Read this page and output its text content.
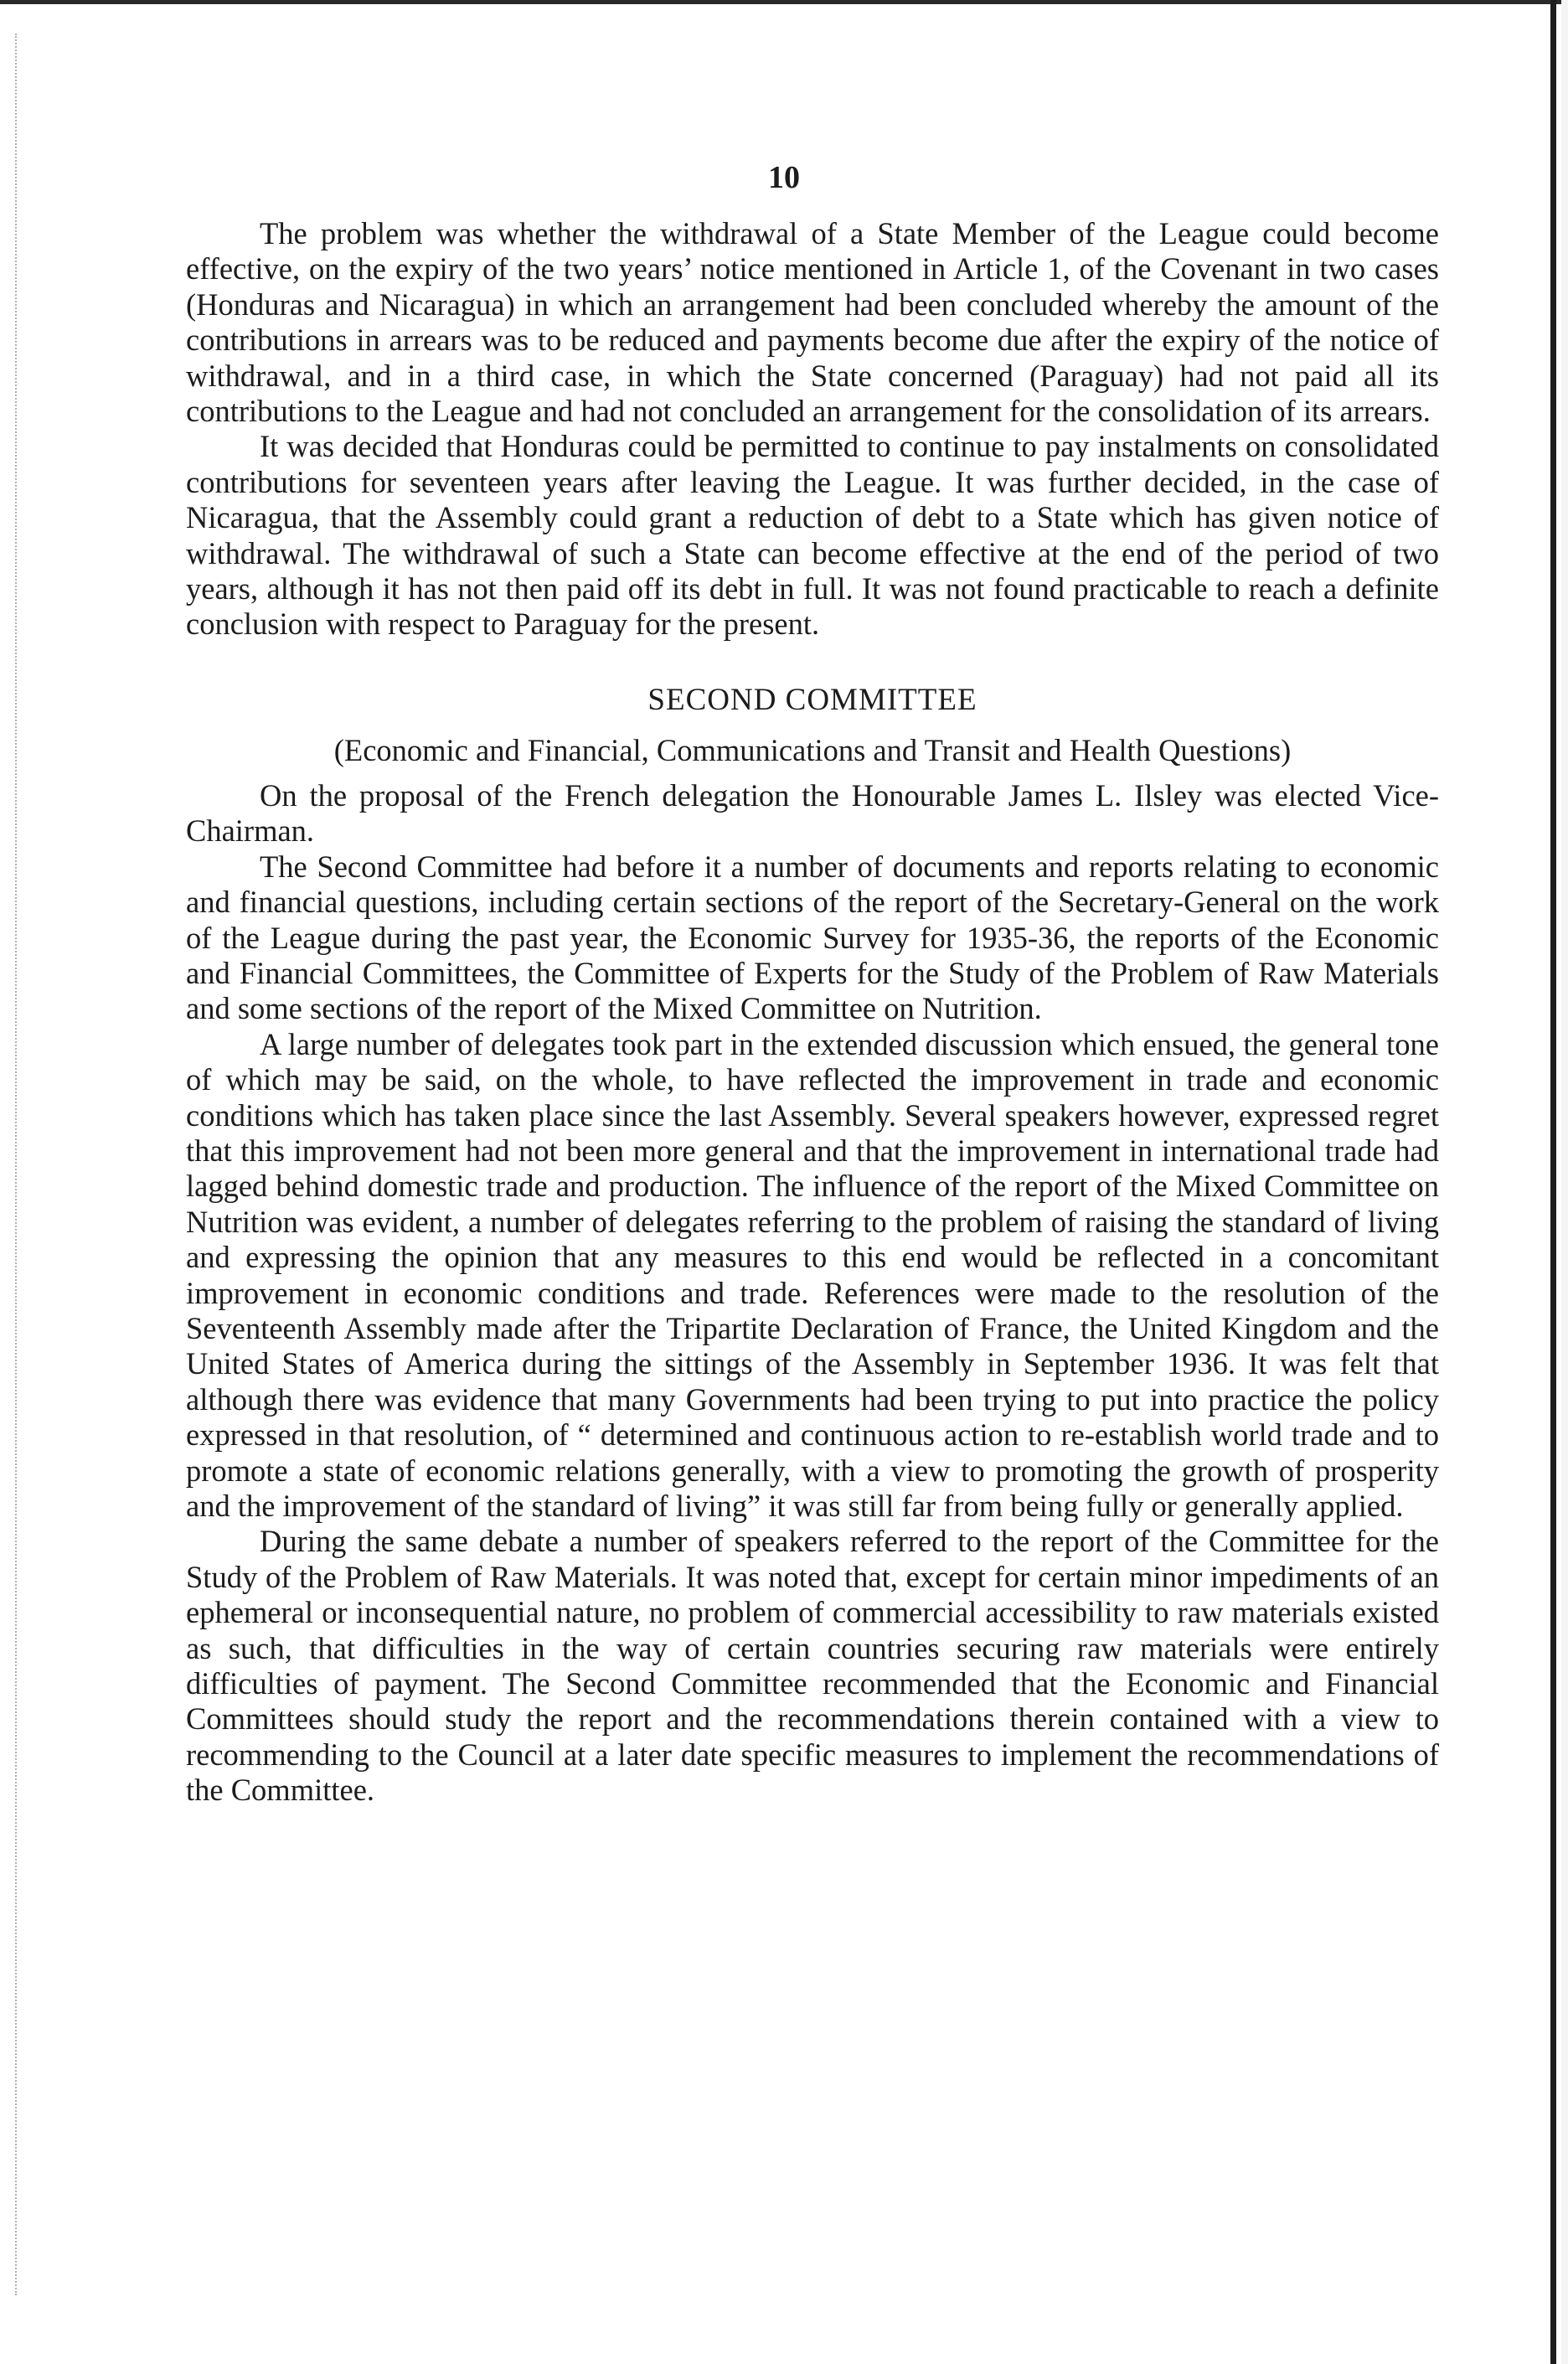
10

The problem was whether the withdrawal of a State Member of the League could become effective, on the expiry of the two years’ notice mentioned in Article 1, of the Covenant in two cases (Honduras and Nicaragua) in which an arrangement had been concluded whereby the amount of the contributions in arrears was to be reduced and payments become due after the expiry of the notice of withdrawal, and in a third case, in which the State concerned (Paraguay) had not paid all its contributions to the League and had not concluded an arrangement for the consolidation of its arrears.

It was decided that Honduras could be permitted to continue to pay instalments on consolidated contributions for seventeen years after leaving the League. It was further decided, in the case of Nicaragua, that the Assembly could grant a reduction of debt to a State which has given notice of withdrawal. The withdrawal of such a State can become effective at the end of the period of two years, although it has not then paid off its debt in full. It was not found practicable to reach a definite conclusion with respect to Paraguay for the present.

SECOND COMMITTEE
(Economic and Financial, Communications and Transit and Health Questions)

On the proposal of the French delegation the Honourable James L. Ilsley was elected Vice-Chairman.

The Second Committee had before it a number of documents and reports relating to economic and financial questions, including certain sections of the report of the Secretary-General on the work of the League during the past year, the Economic Survey for 1935-36, the reports of the Economic and Financial Committees, the Committee of Experts for the Study of the Problem of Raw Materials and some sections of the report of the Mixed Committee on Nutrition.

A large number of delegates took part in the extended discussion which ensued, the general tone of which may be said, on the whole, to have reflected the improvement in trade and economic conditions which has taken place since the last Assembly. Several speakers however, expressed regret that this improvement had not been more general and that the improvement in international trade had lagged behind domestic trade and production. The influence of the report of the Mixed Committee on Nutrition was evident, a number of delegates referring to the problem of raising the standard of living and expressing the opinion that any measures to this end would be reflected in a concomitant improvement in economic conditions and trade. References were made to the resolution of the Seventeenth Assembly made after the Tripartite Declaration of France, the United Kingdom and the United States of America during the sittings of the Assembly in September 1936. It was felt that although there was evidence that many Governments had been trying to put into practice the policy expressed in that resolution, of “ determined and continuous action to re-establish world trade and to promote a state of economic relations generally, with a view to promoting the growth of prosperity and the improvement of the standard of living” it was still far from being fully or generally applied.

During the same debate a number of speakers referred to the report of the Committee for the Study of the Problem of Raw Materials. It was noted that, except for certain minor impediments of an ephemeral or inconsequential nature, no problem of commercial accessibility to raw materials existed as such, that difficulties in the way of certain countries securing raw materials were entirely difficulties of payment. The Second Committee recommended that the Economic and Financial Committees should study the report and the recommendations therein contained with a view to recommending to the Council at a later date specific measures to implement the recommendations of the Committee.
